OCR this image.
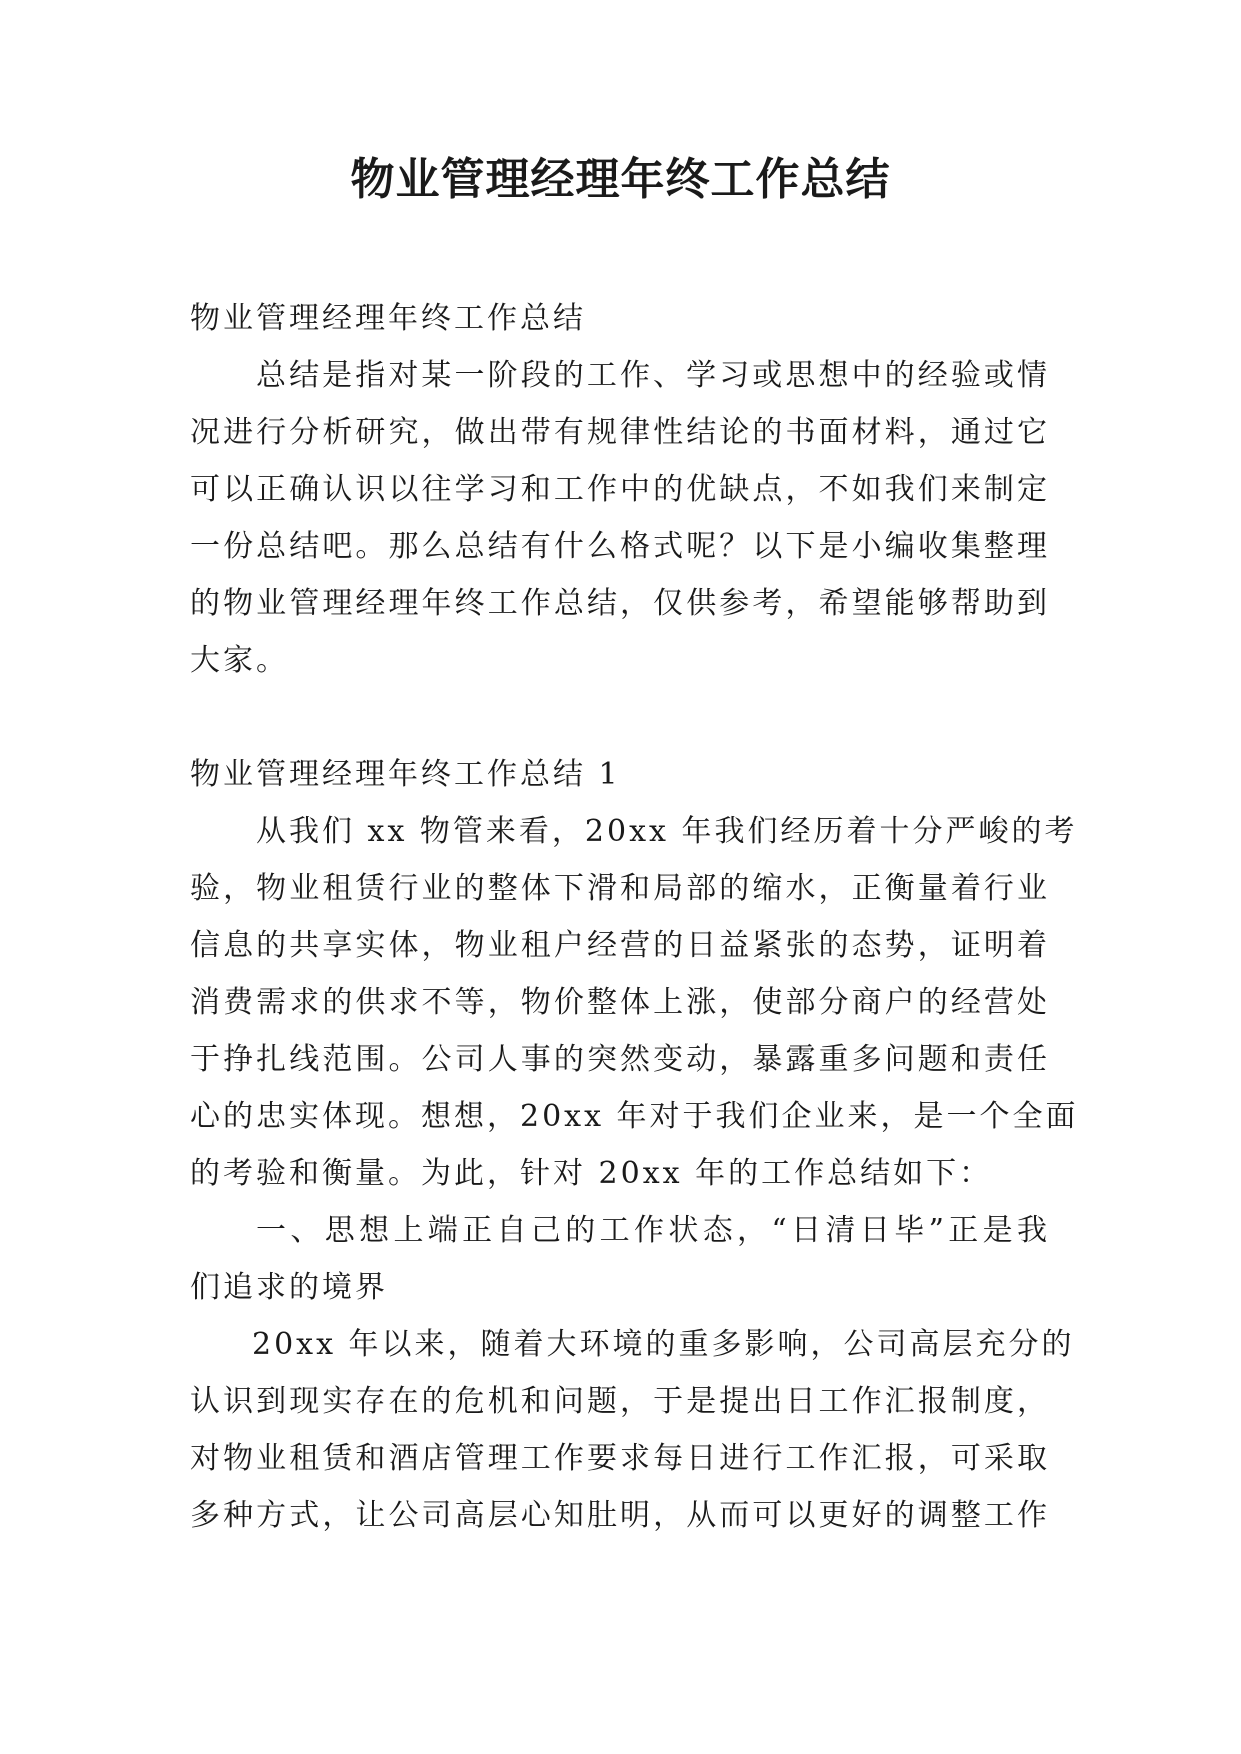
物业管理经理年终工作总结
物业管理经理年终工作总结
总结是指对某一阶段的工作、学习或思想中的经验或情
况进行分析研究，做出带有规律性结论的书面材料，通过它
可以正确认识以往学习和工作中的优缺点，不如我们来制定
一份总结吧。那么总结有什么格式呢？以下是小编收集整理
的物业管理经理年终工作总结，仅供参考，希望能够帮助到
大家。
物业管理经理年终工作总结 1
从我们 xx 物管来看，20xx 年我们经历着十分严峻的考
验，物业租赁行业的整体下滑和局部的缩水，正衡量着行业
信息的共享实体，物业租户经营的日益紧张的态势，证明着
消费需求的供求不等，物价整体上涨，使部分商户的经营处
于挣扎线范围。公司人事的突然变动，暴露重多问题和责任
心的忠实体现。想想，20xx 年对于我们企业来，是一个全面
的考验和衡量。为此，针对 20xx 年的工作总结如下：
一、思想上端正自己的工作状态，“日清日毕”正是我
们追求的境界
20xx 年以来，随着大环境的重多影响，公司高层充分的
认识到现实存在的危机和问题，于是提出日工作汇报制度，
对物业租赁和酒店管理工作要求每日进行工作汇报，可采取
多种方式，让公司高层心知肚明，从而可以更好的调整工作
